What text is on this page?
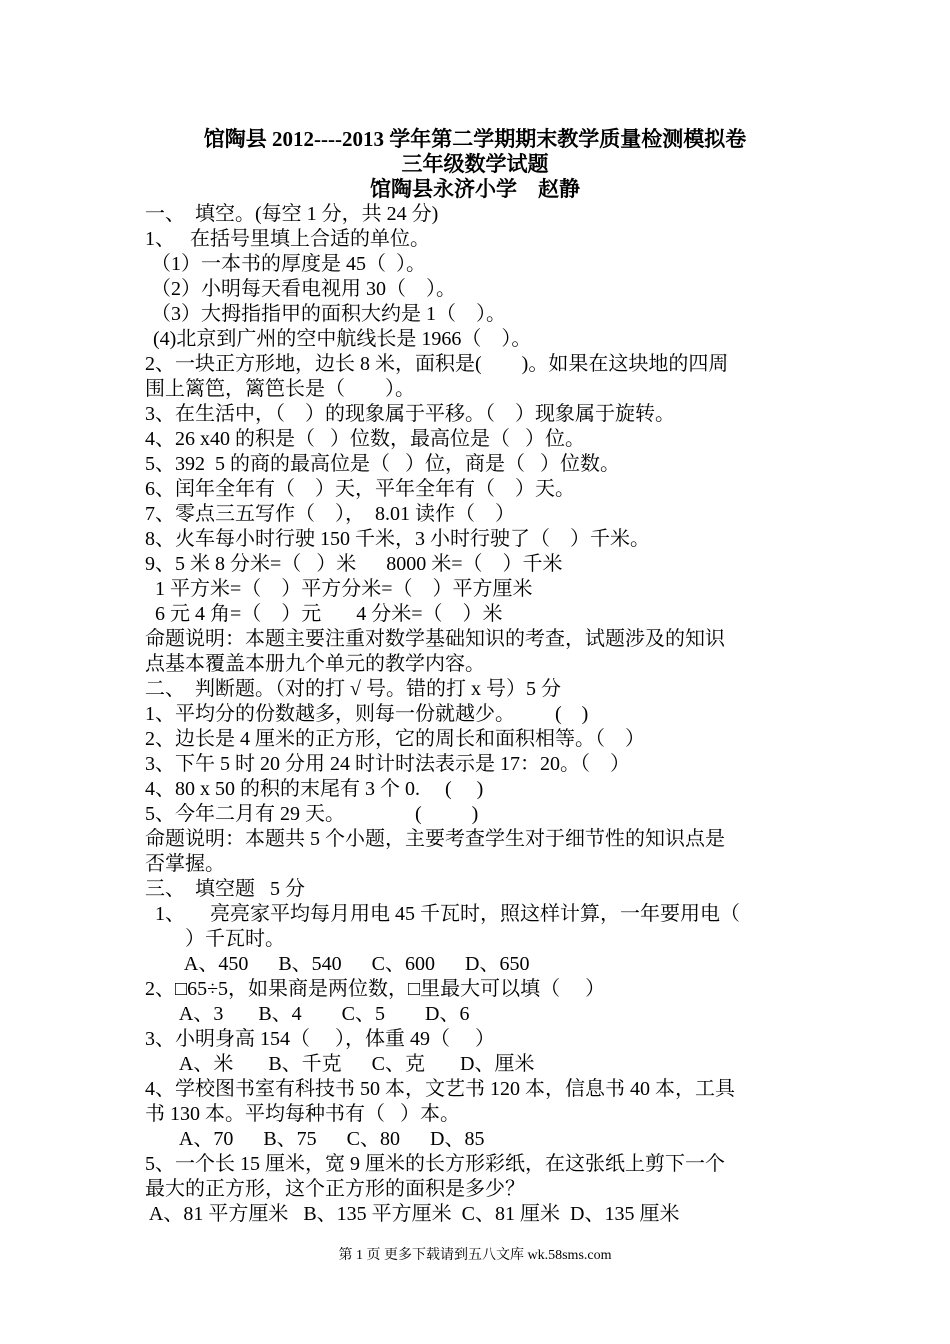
馆陶县 2012----2013 学年第二学期期末教学质量检测模拟卷
三年级数学试题
馆陶县永济小学　赵静
一、  填空。(每空 1 分，共 24 分)
1、   在括号里填上合适的单位。
（1）一本书的厚度是 45（  ）。
（2）小明每天看电视用 30（    ）。
（3）大拇指指甲的面积大约是 1（    ）。
(4)北京到广州的空中航线长是 1966（    ）。
2、一块正方形地，边长 8 米，面积是(        )。如果在这块地的四周
围上篱笆，篱笆长是（        ）。
3、在生活中，（    ）的现象属于平移。（    ）现象属于旋转。
4、26 x40 的积是（   ）位数，最高位是（   ）位。
5、392  5 的商的最高位是（   ）位，商是（   ）位数。
6、闰年全年有（    ）天，平年全年有（    ）天。
7、零点三五写作（    ），  8.01 读作（    ）
8、火车每小时行驶 150 千米，3 小时行驶了（    ）千米。
9、5 米 8 分米=（   ）米      8000 米=（    ）千米
1 平方米=（    ）平方分米=（    ）平方厘米
6 元 4 角=（    ）元       4 分米=（    ）米
命题说明：本题主要注重对数学基础知识的考查，试题涉及的知识
点基本覆盖本册九个单元的教学内容。
二、  判断题。（对的打 √ 号。错的打 x 号）5 分
1、平均分的份数越多，则每一份就越少。        (    )
2、边长是 4 厘米的正方形，它的周长和面积相等。（    ）
3、下午 5 时 20 分用 24 时计时法表示是 17：20。（    ）
4、80 x 50 的积的末尾有 3 个 0.     (     )
5、今年二月有 29 天。              (          )
命题说明：本题共 5 个小题，主要考查学生对于细节性的知识点是
否掌握。
三、  填空题   5 分
1、     亮亮家平均每月用电 45 千瓦时，照这样计算，一年要用电（
）千瓦时。
A、450      B、540      C、600      D、650
2、□65÷5，如果商是两位数，□里最大可以填（     ）
A、3       B、4        C、5        D、6
3、小明身高 154（     ），体重 49（     ）
A、米       B、千克      C、克       D、厘米
4、学校图书室有科技书 50 本，文艺书 120 本，信息书 40 本，工具
书 130 本。平均每种书有（   ）本。
A、70      B、75      C、80      D、85
5、一个长 15 厘米，宽 9 厘米的长方形彩纸，在这张纸上剪下一个
最大的正方形，这个正方形的面积是多少？
A、81 平方厘米   B、135 平方厘米  C、81 厘米  D、135 厘米
第 1 页 更多下载请到五八文库 wk.58sms.com
